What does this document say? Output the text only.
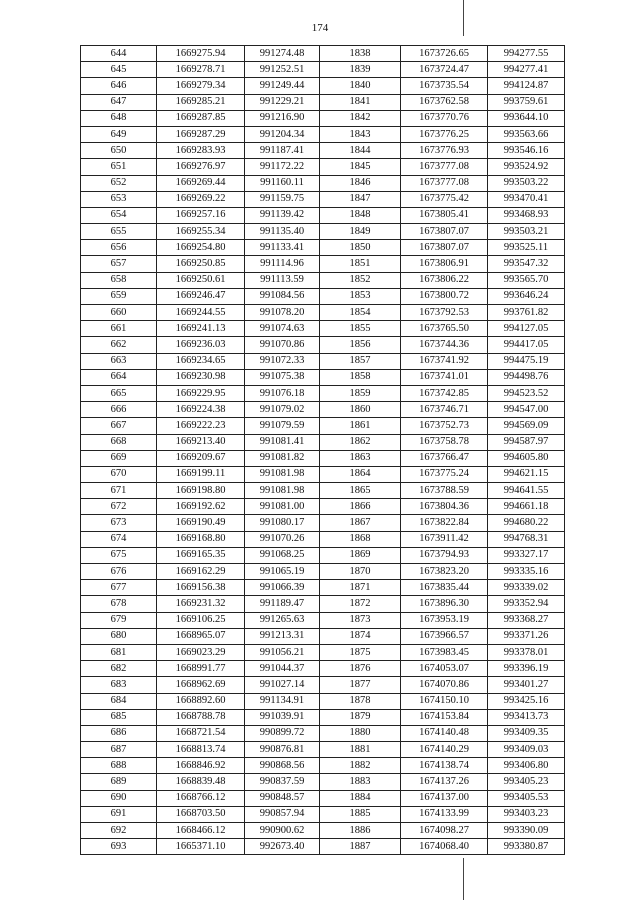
174
644	1669275.94	991274.48	1838	1673726.65	994277.55
645	1669278.71	991252.51	1839	1673724.47	994277.41
646	1669279.34	991249.44	1840	1673735.54	994124.87
647	1669285.21	991229.21	1841	1673762.58	993759.61
648	1669287.85	991216.90	1842	1673770.76	993644.10
649	1669287.29	991204.34	1843	1673776.25	993563.66
650	1669283.93	991187.41	1844	1673776.93	993546.16
651	1669276.97	991172.22	1845	1673777.08	993524.92
652	1669269.44	991160.11	1846	1673777.08	993503.22
653	1669269.22	991159.75	1847	1673775.42	993470.41
654	1669257.16	991139.42	1848	1673805.41	993468.93
655	1669255.34	991135.40	1849	1673807.07	993503.21
656	1669254.80	991133.41	1850	1673807.07	993525.11
657	1669250.85	991114.96	1851	1673806.91	993547.32
658	1669250.61	991113.59	1852	1673806.22	993565.70
659	1669246.47	991084.56	1853	1673800.72	993646.24
660	1669244.55	991078.20	1854	1673792.53	993761.82
661	1669241.13	991074.63	1855	1673765.50	994127.05
662	1669236.03	991070.86	1856	1673744.36	994417.05
663	1669234.65	991072.33	1857	1673741.92	994475.19
664	1669230.98	991075.38	1858	1673741.01	994498.76
665	1669229.95	991076.18	1859	1673742.85	994523.52
666	1669224.38	991079.02	1860	1673746.71	994547.00
667	1669222.23	991079.59	1861	1673752.73	994569.09
668	1669213.40	991081.41	1862	1673758.78	994587.97
669	1669209.67	991081.82	1863	1673766.47	994605.80
670	1669199.11	991081.98	1864	1673775.24	994621.15
671	1669198.80	991081.98	1865	1673788.59	994641.55
672	1669192.62	991081.00	1866	1673804.36	994661.18
673	1669190.49	991080.17	1867	1673822.84	994680.22
674	1669168.80	991070.26	1868	1673911.42	994768.31
675	1669165.35	991068.25	1869	1673794.93	993327.17
676	1669162.29	991065.19	1870	1673823.20	993335.16
677	1669156.38	991066.39	1871	1673835.44	993339.02
678	1669231.32	991189.47	1872	1673896.30	993352.94
679	1669106.25	991265.63	1873	1673953.19	993368.27
680	1668965.07	991213.31	1874	1673966.57	993371.26
681	1669023.29	991056.21	1875	1673983.45	993378.01
682	1668991.77	991044.37	1876	1674053.07	993396.19
683	1668962.69	991027.14	1877	1674070.86	993401.27
684	1668892.60	991134.91	1878	1674150.10	993425.16
685	1668788.78	991039.91	1879	1674153.84	993413.73
686	1668721.54	990899.72	1880	1674140.48	993409.35
687	1668813.74	990876.81	1881	1674140.29	993409.03
688	1668846.92	990868.56	1882	1674138.74	993406.80
689	1668839.48	990837.59	1883	1674137.26	993405.23
690	1668766.12	990848.57	1884	1674137.00	993405.53
691	1668703.50	990857.94	1885	1674133.99	993403.23
692	1668466.12	990900.62	1886	1674098.27	993390.09
693	1665371.10	992673.40	1887	1674068.40	993380.87
